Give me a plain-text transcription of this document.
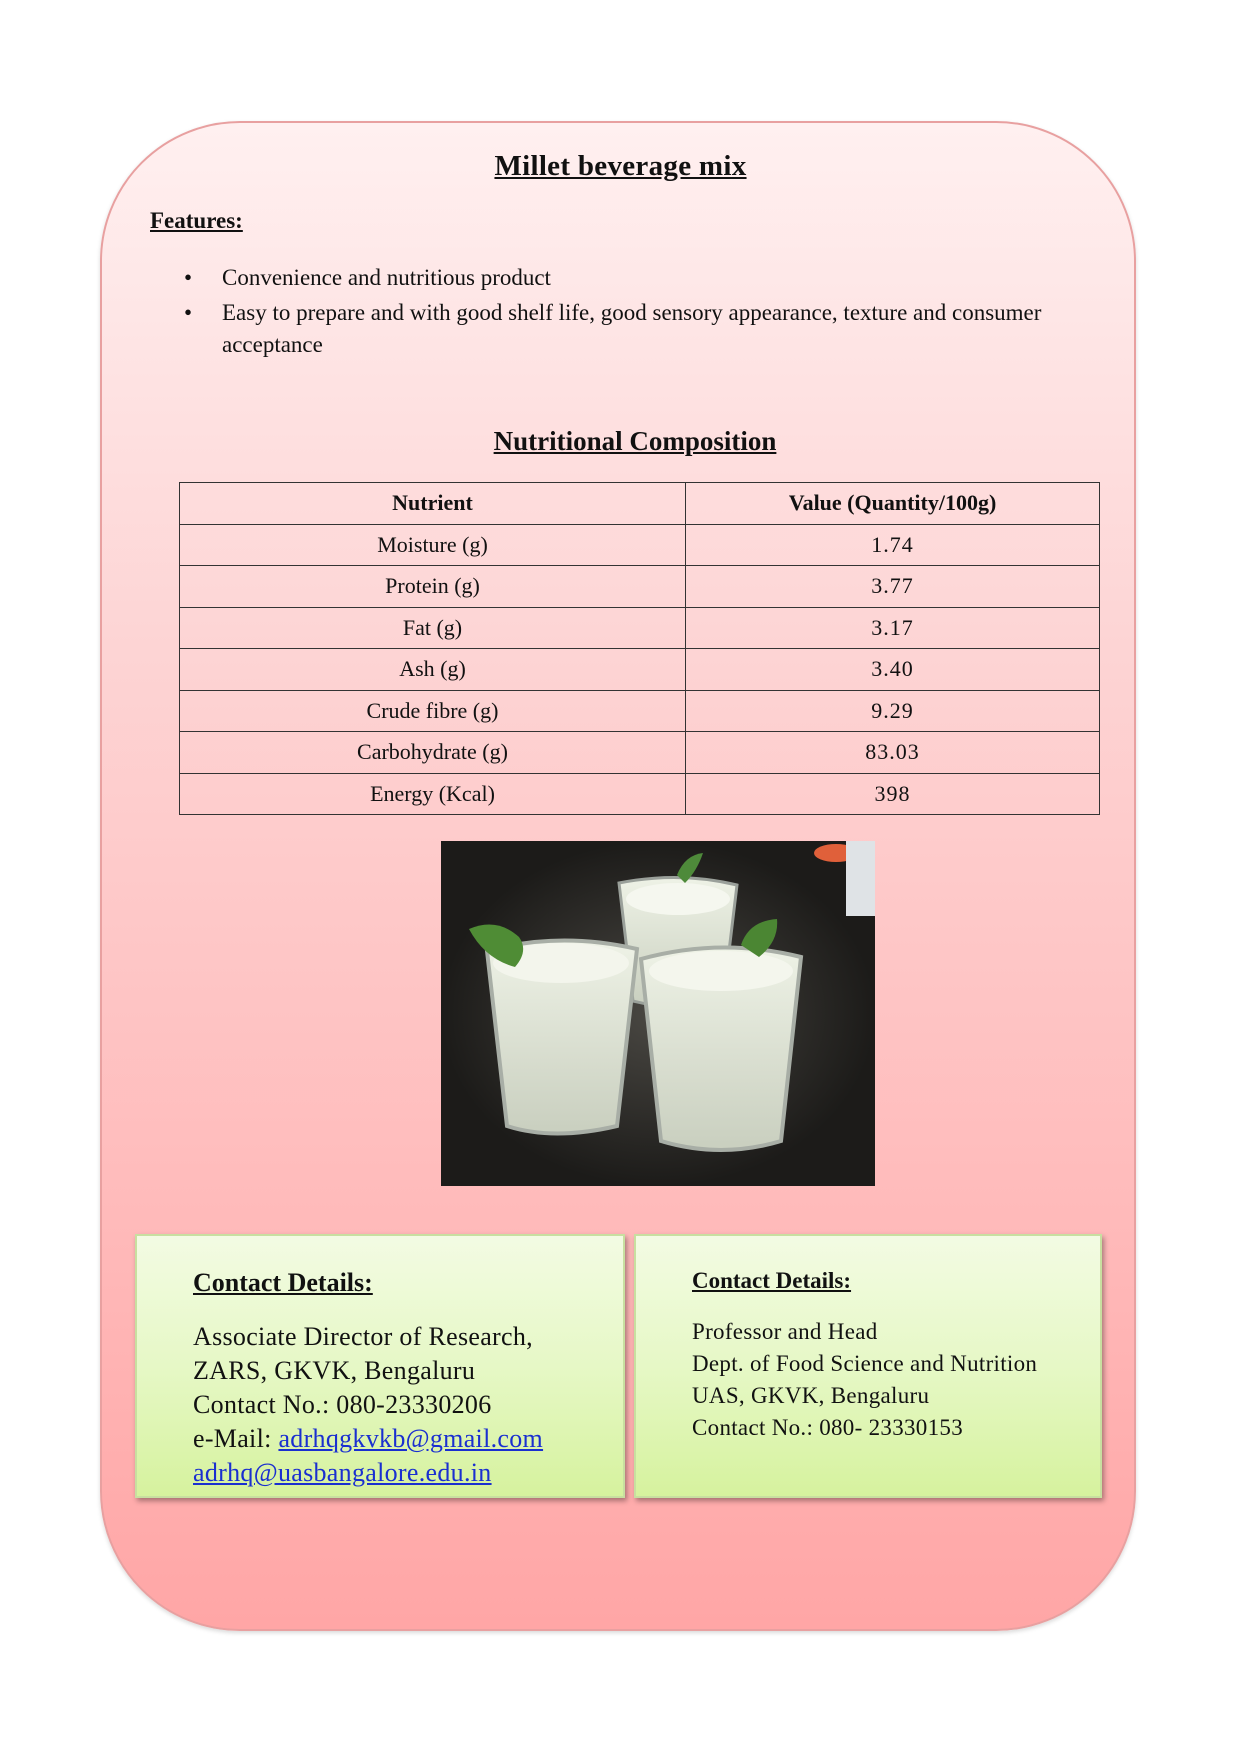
Millet beverage mix
Features:
• Convenience and nutritious product
• Easy to prepare and with good shelf life, good sensory appearance, texture and consumer acceptance
Nutritional Composition
Nutrient	Value (Quantity/100g)
Moisture (g)	1.74
Protein (g)	3.77
Fat (g)	3.17
Ash (g)	3.40
Crude fibre (g)	9.29
Carbohydrate (g)	83.03
Energy (Kcal)	398
Contact Details:
Associate Director of Research,
ZARS, GKVK, Bengaluru
Contact No.: 080-23330206
e-Mail: adrhqgkvkb@gmail.com
adrhq@uasbangalore.edu.in
Contact Details:
Professor and Head
Dept. of Food Science and Nutrition
UAS, GKVK, Bengaluru
Contact No.: 080- 23330153
